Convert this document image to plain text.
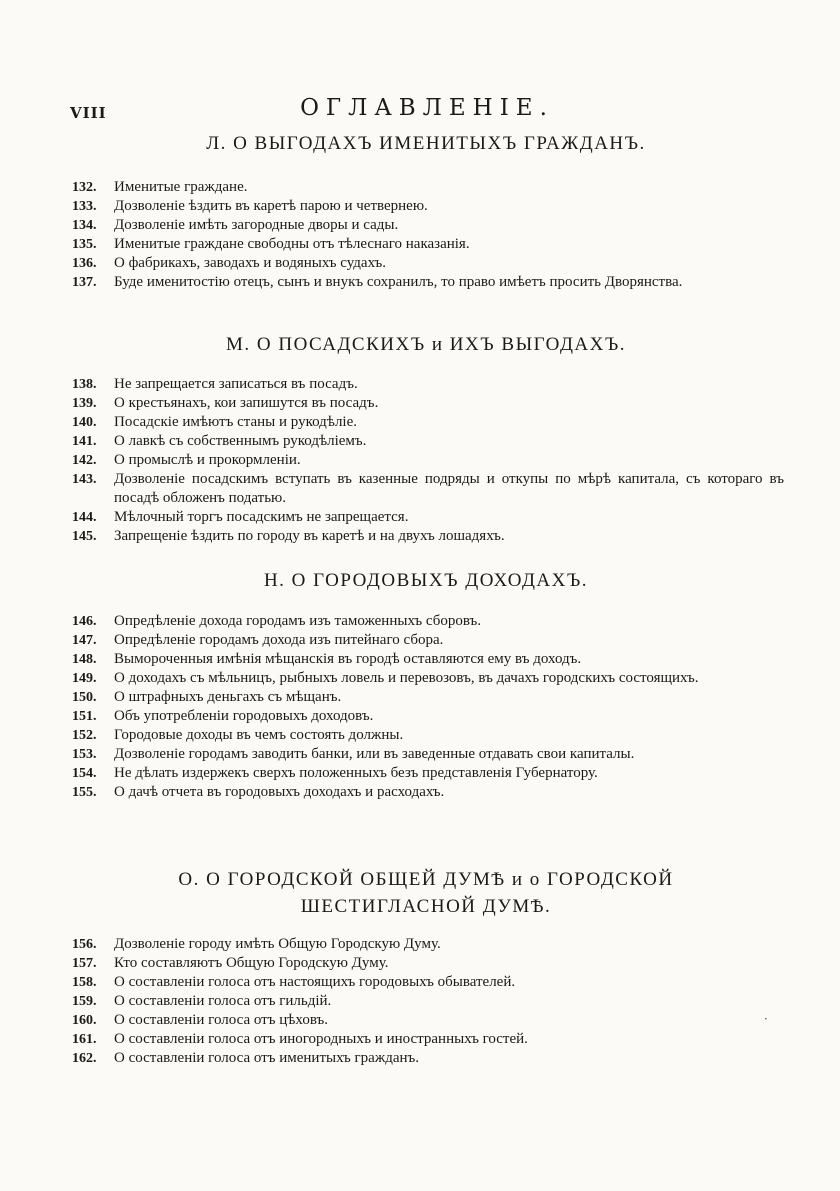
VIII	ОГЛАВЛЕНІЕ.
Л. О ВЫГОДАХЪ ИМЕНИТЫХЪ ГРАЖДАНЪ.
132.	Именитые граждане.
133.	Дозволеніе ѣздить въ каретѣ парою и четвернею.
134.	Дозволеніе имѣть загородные дворы и сады.
135.	Именитые граждане свободны отъ тѣлеснаго наказанія.
136.	О фабрикахъ, заводахъ и водяныхъ судахъ.
137.	Буде именитостію отецъ, сынъ и внукъ сохранилъ, то право имѣетъ просить Дворянства.
М. О ПОСАДСКИХЪ и ИХЪ ВЫГОДАХЪ.
138.	Не запрещается записаться въ посадъ.
139.	О крестьянахъ, кои запишутся въ посадъ.
140.	Посадскіе имѣютъ станы и рукодѣліе.
141.	О лавкѣ съ собственнымъ рукодѣліемъ.
142.	О промыслѣ и прокормленіи.
143.	Дозволеніе посадскимъ вступать въ казенные подряды и откупы по мѣрѣ капитала, съ котораго въ посадѣ обложенъ податью.
144.	Мѣлочный торгъ посадскимъ не запрещается.
145.	Запрещеніе ѣздить по городу въ каретѣ и на двухъ лошадяхъ.
Н. О ГОРОДОВЫХЪ ДОХОДАХЪ.
146.	Опредѣленіе дохода городамъ изъ таможенныхъ сборовъ.
147.	Опредѣленіе городамъ дохода изъ питейнаго сбора.
148.	Вымороченныя имѣнія мѣщанскія въ городѣ оставляются ему въ доходъ.
149.	О доходахъ съ мѣльницъ, рыбныхъ ловель и перевозовъ, въ дачахъ городскихъ состоящихъ.
150.	О штрафныхъ деньгахъ съ мѣщанъ.
151.	Объ употребленіи городовыхъ доходовъ.
152.	Городовые доходы въ чемъ состоять должны.
153.	Дозволеніе городамъ заводить банки, или въ заведенные отдавать свои капиталы.
154.	Не дѣлать издержекъ сверхъ положенныхъ безъ представленія Губернатору.
155.	О дачѣ отчета въ городовыхъ доходахъ и расходахъ.
О. О ГОРОДСКОЙ ОБЩЕЙ ДУМѢ и о ГОРОДСКОЙ ШЕСТИГЛАСНОЙ ДУМѢ.
156.	Дозволеніе городу имѣть Общую Городскую Думу.
157.	Кто составляютъ Общую Городскую Думу.
158.	О составленіи голоса отъ настоящихъ городовыхъ обывателей.
159.	О составленіи голоса отъ гильдій.
160.	О составленіи голоса отъ цѣховъ.
161.	О составленіи голоса отъ иногородныхъ и иностранныхъ гостей.
162.	О составленіи голоса отъ именитыхъ гражданъ.
·
